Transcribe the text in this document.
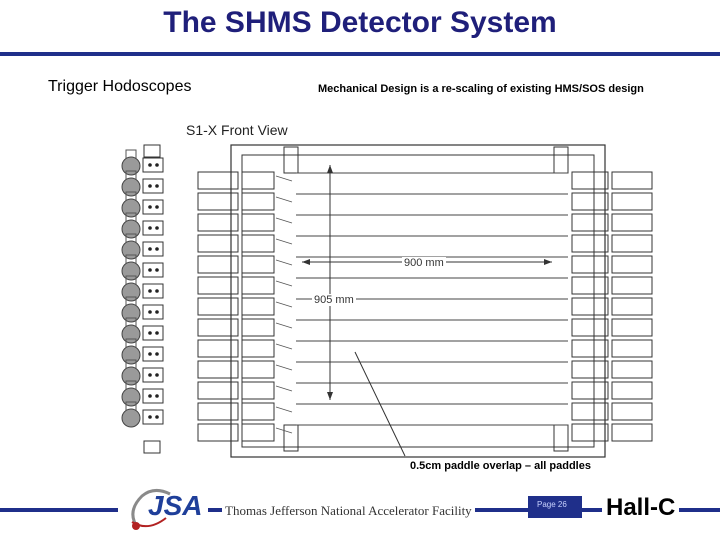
The SHMS Detector System
Trigger Hodoscopes	Mechanical Design is a re-scaling of existing HMS/SOS design
S1-X Front View
900 mm
905 mm
0.5cm paddle overlap – all paddles
JSA Thomas Jefferson National Accelerator Facility	Page 26 Hall-C
